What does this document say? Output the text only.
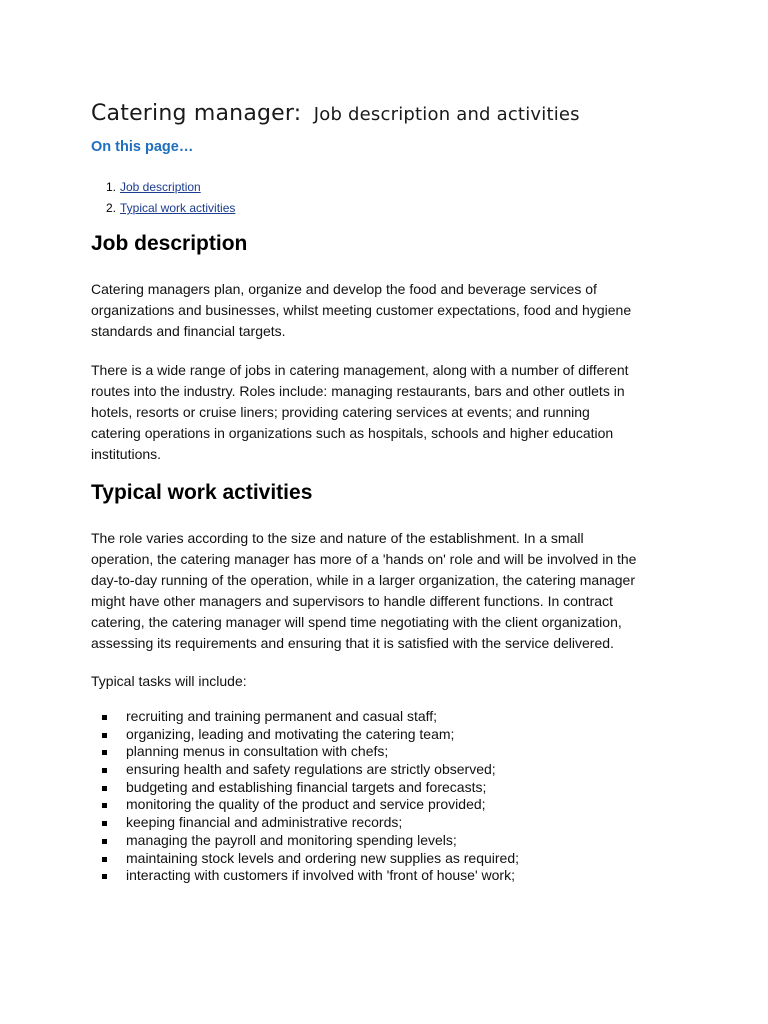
Catering manager: Job description and activities
On this page…
1. Job description
2. Typical work activities
Job description

Catering managers plan, organize and develop the food and beverage services of
organizations and businesses, whilst meeting customer expectations, food and hygiene
standards and financial targets.

There is a wide range of jobs in catering management, along with a number of different
routes into the industry. Roles include: managing restaurants, bars and other outlets in
hotels, resorts or cruise liners; providing catering services at events; and running
catering operations in organizations such as hospitals, schools and higher education
institutions.

Typical work activities

The role varies according to the size and nature of the establishment. In a small
operation, the catering manager has more of a 'hands on' role and will be involved in the
day-to-day running of the operation, while in a larger organization, the catering manager
might have other managers and supervisors to handle different functions. In contract
catering, the catering manager will spend time negotiating with the client organization,
assessing its requirements and ensuring that it is satisfied with the service delivered.

Typical tasks will include:

recruiting and training permanent and casual staff;
organizing, leading and motivating the catering team;
planning menus in consultation with chefs;
ensuring health and safety regulations are strictly observed;
budgeting and establishing financial targets and forecasts;
monitoring the quality of the product and service provided;
keeping financial and administrative records;
managing the payroll and monitoring spending levels;
maintaining stock levels and ordering new supplies as required;
interacting with customers if involved with 'front of house' work;
